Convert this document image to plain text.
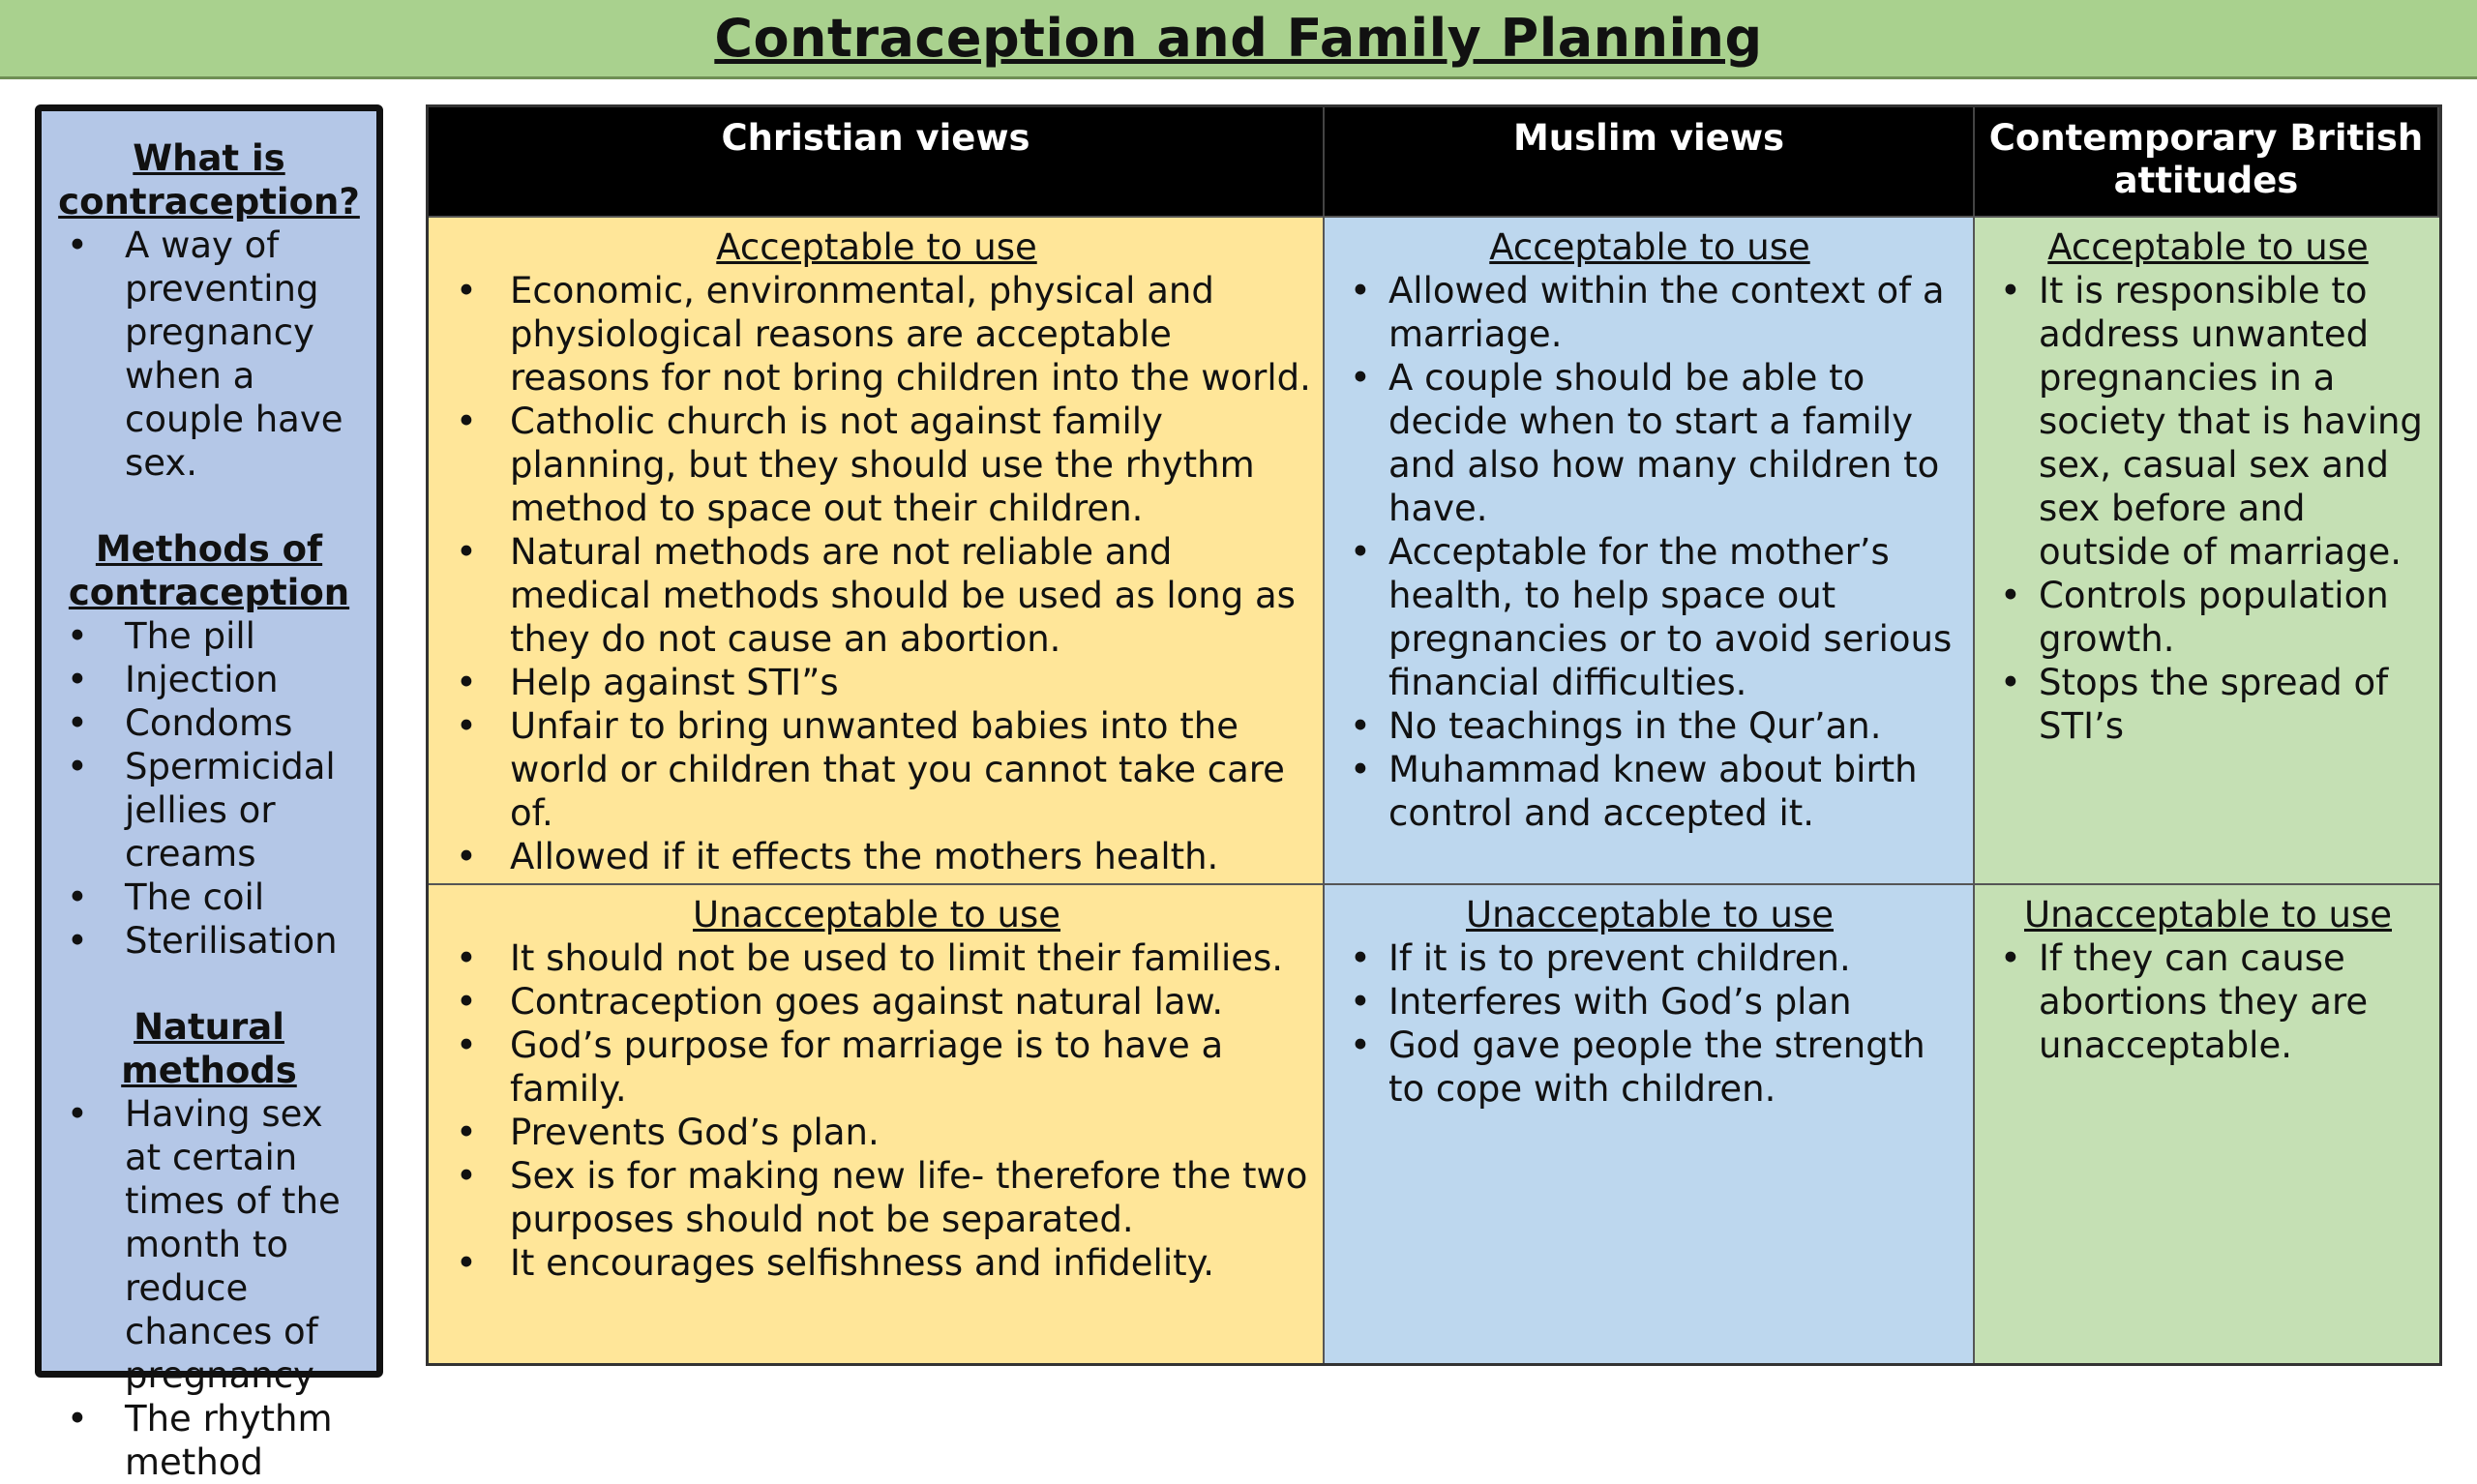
Contraception and Family Planning
What is contraception?
• A way of preventing pregnancy when a couple have sex.
Methods of contraception
• The pill
• Injection
• Condoms
• Spermicidal jellies or creams
• The coil
• Sterilisation
Natural methods
• Having sex at certain times of the month to reduce chances of pregnancy
• The rhythm method
Christian views	Muslim views	Contemporary British attitudes
Acceptable to use
• Economic, environmental, physical and physiological reasons are acceptable reasons for not bring children into the world.
• Catholic church is not against family planning, but they should use the rhythm method to space out their children.
• Natural methods are not reliable and medical methods should be used as long as they do not cause an abortion.
• Help against STI”s
• Unfair to bring unwanted babies into the world or children that you cannot take care of.
• Allowed if it effects the mothers health.
Acceptable to use
• Allowed within the context of a marriage.
• A couple should be able to decide when to start a family and also how many children to have.
• Acceptable for the mother’s health, to help space out pregnancies or to avoid serious financial difficulties.
• No teachings in the Qur’an.
• Muhammad knew about birth control and accepted it.
Acceptable to use
• It is responsible to address unwanted pregnancies in a society that is having sex, casual sex and sex before and outside of marriage.
• Controls population growth.
• Stops the spread of STI’s
Unacceptable to use
• It should not be used to limit their families.
• Contraception goes against natural law.
• God’s purpose for marriage is to have a family.
• Prevents God’s plan.
• Sex is for making new life- therefore the two purposes should not be separated.
• It encourages selfishness and infidelity.
Unacceptable to use
• If it is to prevent children.
• Interferes with God’s plan
• God gave people the strength to cope with children.
Unacceptable to use
• If they can cause abortions they are unacceptable.
